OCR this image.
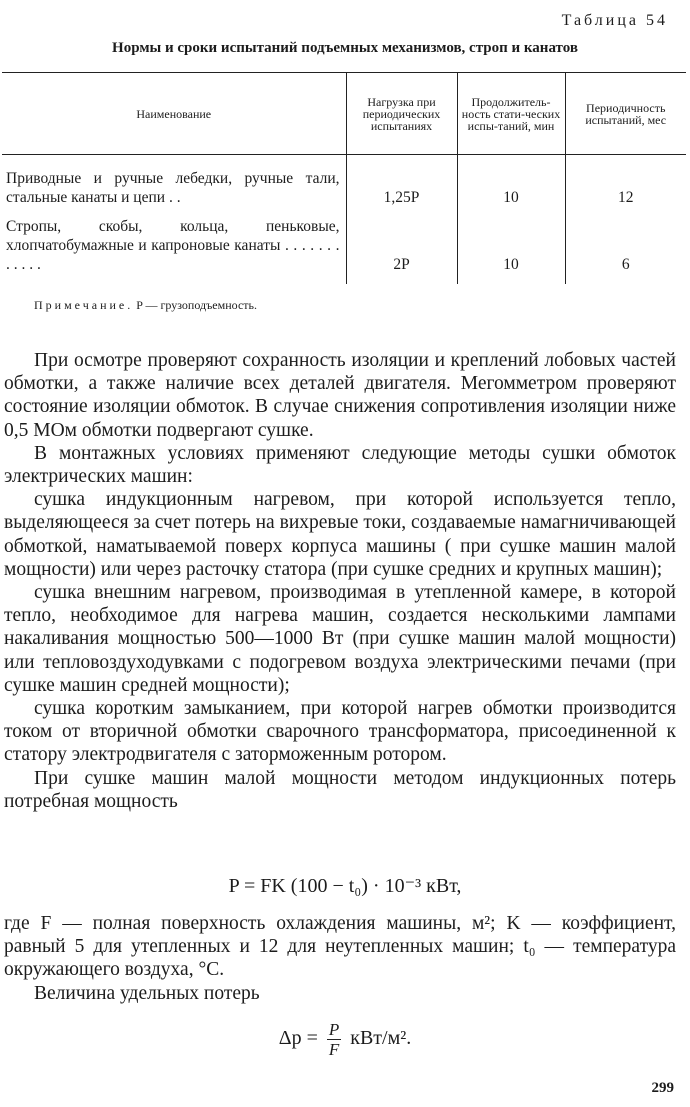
Таблица 54
Нормы и сроки испытаний подъемных механизмов, строп и канатов
Наименование	Нагрузка при периодических испытаниях	Продолжитель-ность стати-ческих испы-таний, мин	Периодичность испытаний, мес
Приводные и ручные лебедки, ручные тали, стальные канаты и цепи . .	1,25P	10	12
Стропы, скобы, кольца, пеньковые, хлопчатобумажные и капроновые канаты . . . . . . . . . . . .	2P	10	6
Примечание. P — грузоподъемность.

При осмотре проверяют сохранность изоляции и креплений лобовых частей обмотки, а также наличие всех деталей двигателя. Мегомметром проверяют состояние изоляции обмоток. В случае снижения сопротивления изоляции ниже 0,5 МОм обмотки подвергают сушке.

В монтажных условиях применяют следующие методы сушки обмоток электрических машин:

сушка индукционным нагревом, при которой используется тепло, выделяющееся за счет потерь на вихревые токи, создаваемые намагничивающей обмоткой, наматываемой поверх корпуса машины ( при сушке машин малой мощности) или через расточку статора (при сушке средних и крупных машин);

сушка внешним нагревом, производимая в утепленной камере, в которой тепло, необходимое для нагрева машин, создается несколькими лампами накаливания мощностью 500—1000 Вт (при сушке машин малой мощности) или тепловоздуходувками с подогревом воздуха электрическими печами (при сушке машин средней мощности);

сушка коротким замыканием, при которой нагрев обмотки производится током от вторичной обмотки сварочного трансформатора, присоединенной к статору электродвигателя с заторможенным ротором.

При сушке машин малой мощности методом индукционных потерь потребная мощность

P = FK (100 − t₀) · 10⁻³ кВт,

где F — полная поверхность охлаждения машины, м²; K — коэффициент, равный 5 для утепленных и 12 для неутепленных машин; t₀ — температура окружающего воздуха, °С.

Величина удельных потерь

$\Delta p = \frac{P}{F} кВт/м^2$.
299
